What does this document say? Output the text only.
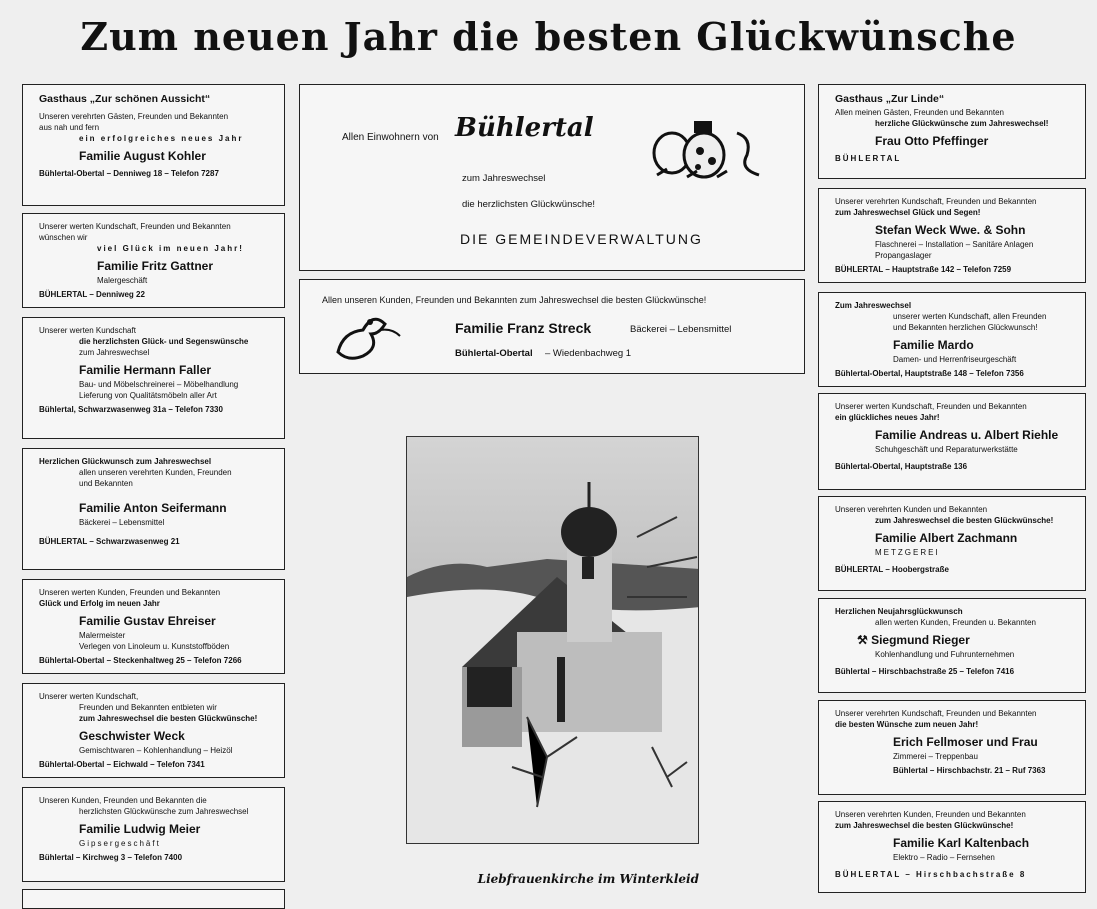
Zum neuen Jahr die besten Glückwünsche
Gasthaus „Zur schönen Aussicht“
Unseren verehrten Gästen, Freunden und Bekannten
aus nah und fern
ein erfolgreiches neues Jahr
Familie August Kohler
Bühlertal-Obertal – Denniweg 18 – Telefon 7287
Unserer werten Kundschaft, Freunden und Bekannten
wünschen wir
viel Glück im neuen Jahr!
Familie Fritz Gattner
Malergeschäft
BÜHLERTAL – Denniweg 22
Unserer werten Kundschaft
die herzlichsten Glück- und Segenswünsche
zum Jahreswechsel
Familie Hermann Faller
Bau- und Möbelschreinerei – Möbelhandlung
Lieferung von Qualitätsmöbeln aller Art
Bühlertal, Schwarzwasenweg 31a – Telefon 7330
Herzlichen Glückwunsch zum Jahreswechsel
allen unseren verehrten Kunden, Freunden
und Bekannten
Familie Anton Seifermann
Bäckerei – Lebensmittel
BÜHLERTAL – Schwarzwasenweg 21
Unseren werten Kunden, Freunden und Bekannten
Glück und Erfolg im neuen Jahr
Familie Gustav Ehreiser
Malermeister
Verlegen von Linoleum u. Kunststoffböden
Bühlertal-Obertal – Steckenhaltweg 25 – Telefon 7266
Unserer werten Kundschaft,
Freunden und Bekannten entbieten wir
zum Jahreswechsel die besten Glückwünsche!
Geschwister Weck
Gemischtwaren – Kohlenhandlung – Heizöl
Bühlertal-Obertal – Eichwald – Telefon 7341
Unseren Kunden, Freunden und Bekannten die
herzlichsten Glückwünsche zum Jahreswechsel
Familie Ludwig Meier
Gipsergeschäft
Bühlertal – Kirchweg 3 – Telefon 7400
Allen Einwohnern von Bühlertal
zum Jahreswechsel
die herzlichsten Glückwünsche!
DIE GEMEINDEVERWALTUNG
Allen unseren Kunden, Freunden und Bekannten zum Jahreswechsel die besten Glückwünsche!
Familie Franz Streck	Bäckerei – Lebensmittel
Bühlertal-Obertal – Wiedenbachweg 1
Liebfrauenkirche im Winterkleid
Gasthaus „Zur Linde“
Allen meinen Gästen, Freunden und Bekannten
herzliche Glückwünsche zum Jahreswechsel!
Frau Otto Pfeffinger
BÜHLERTAL
Unserer verehrten Kundschaft, Freunden und Bekannten
zum Jahreswechsel Glück und Segen!
Stefan Weck Wwe. & Sohn
Flaschnerei – Installation – Sanitäre Anlagen
Propangaslager
BÜHLERTAL – Hauptstraße 142 – Telefon 7259
Zum Jahreswechsel
unserer werten Kundschaft, allen Freunden
und Bekannten herzlichen Glückwunsch!
Familie Mardo
Damen- und Herrenfriseurgeschäft
Bühlertal-Obertal, Hauptstraße 148 – Telefon 7356
Unserer werten Kundschaft, Freunden und Bekannten
ein glückliches neues Jahr!
Familie Andreas u. Albert Riehle
Schuhgeschäft und Reparaturwerkstätte
Bühlertal-Obertal, Hauptstraße 136
Unseren verehrten Kunden und Bekannten
zum Jahreswechsel die besten Glückwünsche!
Familie Albert Zachmann
METZGEREI
BÜHLERTAL – Hoobergstraße
Herzlichen Neujahrsglückwunsch
allen werten Kunden, Freunden u. Bekannten
⚒ Siegmund Rieger
Kohlenhandlung und Fuhrunternehmen
Bühlertal – Hirschbachstraße 25 – Telefon 7416
Unserer verehrten Kundschaft, Freunden und Bekannten
die besten Wünsche zum neuen Jahr!
Erich Fellmoser und Frau
Zimmerei – Treppenbau
Bühlertal – Hirschbachstr. 21 – Ruf 7363
Unseren verehrten Kunden, Freunden und Bekannten
zum Jahreswechsel die besten Glückwünsche!
Familie Karl Kaltenbach
Elektro – Radio – Fernsehen
BÜHLERTAL – Hirschbachstraße 8
